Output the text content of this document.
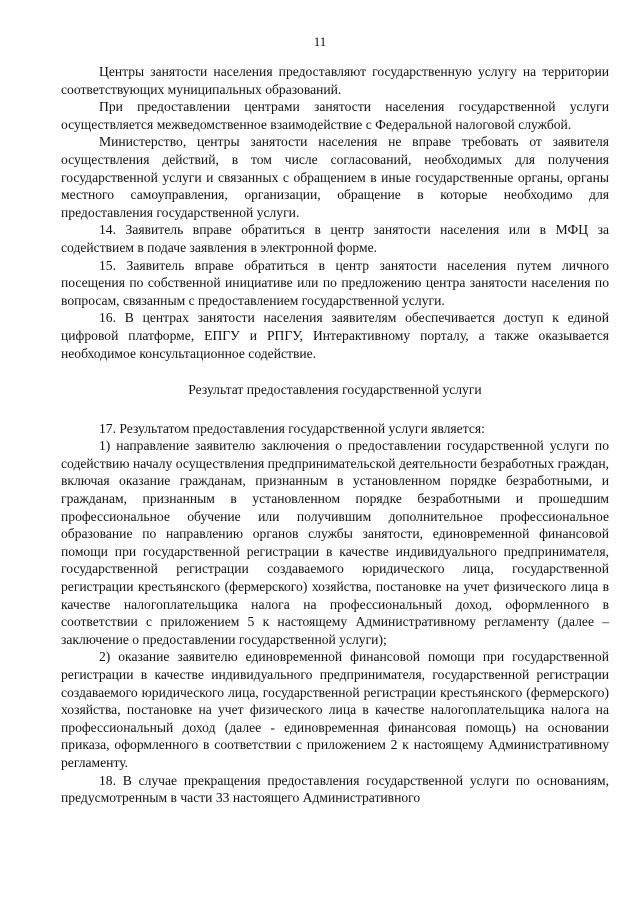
11

Центры занятости населения предоставляют государственную услугу на территории соответствующих муниципальных образований.

При предоставлении центрами занятости населения государственной услуги осуществляется межведомственное взаимодействие с Федеральной налоговой службой.

Министерство, центры занятости населения не вправе требовать от заявителя осуществления действий, в том числе согласований, необходимых для получения государственной услуги и связанных с обращением в иные государственные органы, органы местного самоуправления, организации, обращение в которые необходимо для предоставления государственной услуги.

14. Заявитель вправе обратиться в центр занятости населения или в МФЦ за содействием в подаче заявления в электронной форме.

15. Заявитель вправе обратиться в центр занятости населения путем личного посещения по собственной инициативе или по предложению центра занятости населения по вопросам, связанным с предоставлением государственной услуги.

16. В центрах занятости населения заявителям обеспечивается доступ к единой цифровой платформе, ЕПГУ и РПГУ, Интерактивному порталу, а также оказывается необходимое консультационное содействие.

Результат предоставления государственной услуги

17. Результатом предоставления государственной услуги является:

1) направление заявителю заключения о предоставлении государственной услуги по содействию началу осуществления предпринимательской деятельности безработных граждан, включая оказание гражданам, признанным в установленном порядке безработными, и гражданам, признанным в установленном порядке безработными и прошедшим профессиональное обучение или получившим дополнительное профессиональное образование по направлению органов службы занятости, единовременной финансовой помощи при государственной регистрации в качестве индивидуального предпринимателя, государственной регистрации создаваемого юридического лица, государственной регистрации крестьянского (фермерского) хозяйства, постановке на учет физического лица в качестве налогоплательщика налога на профессиональный доход, оформленного в соответствии с приложением 5 к настоящему Административному регламенту (далее – заключение о предоставлении государственной услуги);

2) оказание заявителю единовременной финансовой помощи при государственной регистрации в качестве индивидуального предпринимателя, государственной регистрации создаваемого юридического лица, государственной регистрации крестьянского (фермерского) хозяйства, постановке на учет физического лица в качестве налогоплательщика налога на профессиональный доход (далее - единовременная финансовая помощь) на основании приказа, оформленного в соответствии с приложением 2 к настоящему Административному регламенту.

18. В случае прекращения предоставления государственной услуги по основаниям, предусмотренным в части 33 настоящего Административного
